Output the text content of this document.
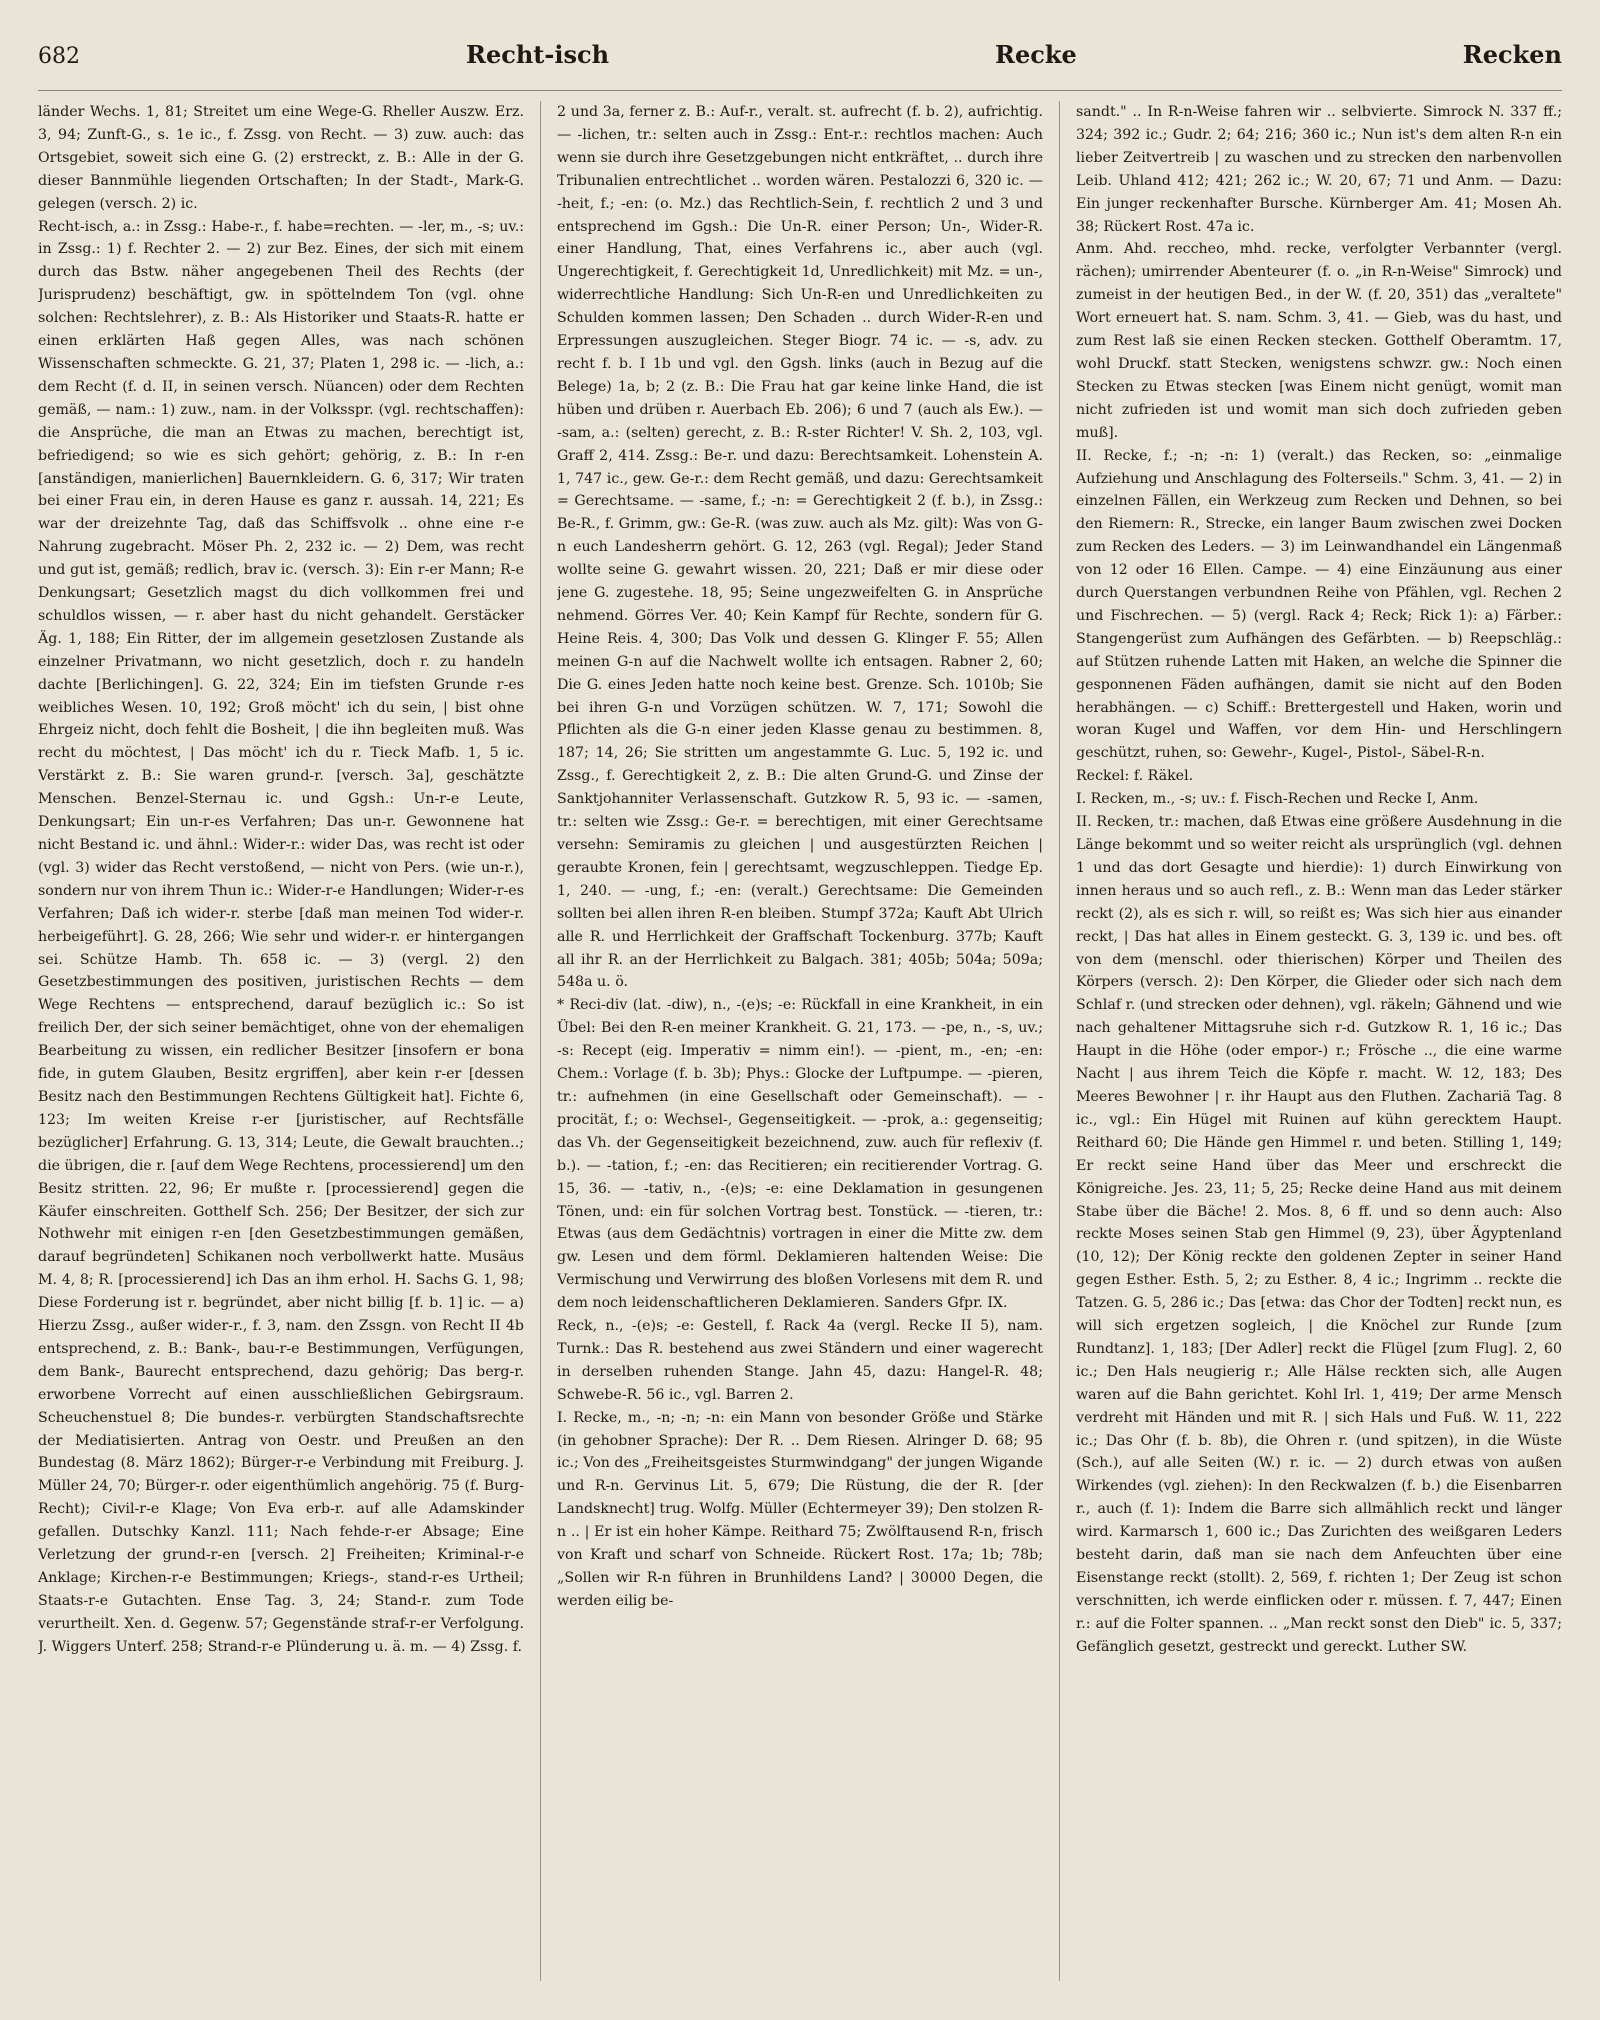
682	Recht-isch	Recke	Recken

länder Wechs. 1, 81; Streitet um eine Wege-G. Rheller Auszw. Erz. 3, 94; Zunft-G., s. 1e ic., f. Zssg. von Recht. — 3) zuw. auch: das Ortsgebiet, soweit sich eine G. (2) erstreckt, z. B.: Alle in der G. dieser Bannmühle liegenden Ortschaften; In der Stadt-, Mark-G. gelegen (versch. 2) ic.

Recht-isch, a.: in Zssg.: Habe-r., f. habe=rechten. — -ler, m., -s; uv.: in Zssg.: 1) f. Rechter 2. — 2) zur Bez. Eines, der sich mit einem durch das Bstw. näher angegebenen Theil des Rechts (der Jurisprudenz) beschäftigt, gw. in spöttelndem Ton (vgl. ohne solchen: Rechtslehrer), z. B.: Als Historiker und Staats-R. hatte er einen erklärten Haß gegen Alles, was nach schönen Wissenschaften schmeckte. G. 21, 37; Platen 1, 298 ic. — -lich, a.: dem Recht (f. d. II, in seinen versch. Nüancen) oder dem Rechten gemäß, — nam.: 1) zuw., nam. in der Volksspr. (vgl. rechtschaffen): die Ansprüche, die man an Etwas zu machen, berechtigt ist, befriedigend; so wie es sich gehört; gehörig, z. B.: In r-en [anständigen, manierlichen] Bauernkleidern. G. 6, 317; Wir traten bei einer Frau ein, in deren Hause es ganz r. aussah. 14, 221; Es war der dreizehnte Tag, daß das Schiffsvolk .. ohne eine r-e Nahrung zugebracht. Möser Ph. 2, 232 ic. — 2) Dem, was recht und gut ist, gemäß; redlich, brav ic. (versch. 3): Ein r-er Mann; R-e Denkungsart; Gesetzlich magst du dich vollkommen frei und schuldlos wissen, — r. aber hast du nicht gehandelt. Gerstäcker Äg. 1, 188; Ein Ritter, der im allgemein gesetzlosen Zustande als einzelner Privatmann, wo nicht gesetzlich, doch r. zu handeln dachte [Berlichingen]. G. 22, 324; Ein im tiefsten Grunde r-es weibliches Wesen. 10, 192; Groß möcht' ich du sein, | bist ohne Ehrgeiz nicht, doch fehlt die Bosheit, | die ihn begleiten muß. Was recht du möchtest, | Das möcht' ich du r. Tieck Mafb. 1, 5 ic. Verstärkt z. B.: Sie waren grund-r. [versch. 3a], geschätzte Menschen. Benzel-Sternau ic. und Ggsh.: Un-r-e Leute, Denkungsart; Ein un-r-es Verfahren; Das un-r. Gewonnene hat nicht Bestand ic. und ähnl.: Wider-r.: wider Das, was recht ist oder (vgl. 3) wider das Recht verstoßend, — nicht von Pers. (wie un-r.), sondern nur von ihrem Thun ic.: Wider-r-e Handlungen; Wider-r-es Verfahren; Daß ich wider-r. sterbe [daß man meinen Tod wider-r. herbeigeführt]. G. 28, 266; Wie sehr und wider-r. er hintergangen sei. Schütze Hamb. Th. 658 ic. — 3) (vergl. 2) den Gesetzbestimmungen des positiven, juristischen Rechts — dem Wege Rechtens — entsprechend, darauf bezüglich ic.: So ist freilich Der, der sich seiner bemächtiget, ohne von der ehemaligen Bearbeitung zu wissen, ein redlicher Besitzer [insofern er bona fide, in gutem Glauben, Besitz ergriffen], aber kein r-er [dessen Besitz nach den Bestimmungen Rechtens Gültigkeit hat]. Fichte 6, 123; Im weiten Kreise r-er [juristischer, auf Rechtsfälle bezüglicher] Erfahrung. G. 13, 314; Leute, die Gewalt brauchten..; die übrigen, die r. [auf dem Wege Rechtens, processierend] um den Besitz stritten. 22, 96; Er mußte r. [processierend] gegen die Käufer einschreiten. Gotthelf Sch. 256; Der Besitzer, der sich zur Nothwehr mit einigen r-en [den Gesetzbestimmungen gemäßen, darauf begründeten] Schikanen noch verbollwerkt hatte. Musäus M. 4, 8; R. [processierend] ich Das an ihm erhol. H. Sachs G. 1, 98; Diese Forderung ist r. begründet, aber nicht billig [f. b. 1] ic. — a) Hierzu Zssg., außer wider-r., f. 3, nam. den Zssgn. von Recht II 4b entsprechend, z. B.: Bank-, bau-r-e Bestimmungen, Verfügungen, dem Bank-, Baurecht entsprechend, dazu gehörig; Das berg-r. erworbene Vorrecht auf einen ausschließlichen Gebirgsraum. Scheuchenstuel 8; Die bundes-r. verbürgten Standschaftsrechte der Mediatisierten. Antrag von Oestr. und Preußen an den Bundestag (8. März 1862); Bürger-r-e Verbindung mit Freiburg. J. Müller 24, 70; Bürger-r. oder eigenthümlich angehörig. 75 (f. Burg-Recht); Civil-r-e Klage; Von Eva erb-r. auf alle Adamskinder gefallen. Dutschky Kanzl. 111; Nach fehde-r-er Absage; Eine Verletzung der grund-r-en [versch. 2] Freiheiten; Kriminal-r-e Anklage; Kirchen-r-e Bestimmungen; Kriegs-, stand-r-es Urtheil; Staats-r-e Gutachten. Ense Tag. 3, 24; Stand-r. zum Tode verurtheilt. Xen. d. Gegenw. 57; Gegenstände straf-r-er Verfolgung. J. Wiggers Unterf. 258; Strand-r-e Plünderung u. ä. m. — 4) Zssg. f.

2 und 3a, ferner z. B.: Auf-r., veralt. st. aufrecht (f. b. 2), aufrichtig. — -lichen, tr.: selten auch in Zssg.: Ent-r.: rechtlos machen: Auch wenn sie durch ihre Gesetzgebungen nicht entkräftet, .. durch ihre Tribunalien entrechtlichet .. worden wären. Pestalozzi 6, 320 ic. — -heit, f.; -en: (o. Mz.) das Rechtlich-Sein, f. rechtlich 2 und 3 und entsprechend im Ggsh.: Die Un-R. einer Person; Un-, Wider-R. einer Handlung, That, eines Verfahrens ic., aber auch (vgl. Ungerechtigkeit, f. Gerechtigkeit 1d, Unredlichkeit) mit Mz. = un-, widerrechtliche Handlung: Sich Un-R-en und Unredlichkeiten zu Schulden kommen lassen; Den Schaden .. durch Wider-R-en und Erpressungen auszugleichen. Steger Biogr. 74 ic. — -s, adv. zu recht f. b. I 1b und vgl. den Ggsh. links (auch in Bezug auf die Belege) 1a, b; 2 (z. B.: Die Frau hat gar keine linke Hand, die ist hüben und drüben r. Auerbach Eb. 206); 6 und 7 (auch als Ew.). — -sam, a.: (selten) gerecht, z. B.: R-ster Richter! V. Sh. 2, 103, vgl. Graff 2, 414. Zssg.: Be-r. und dazu: Berechtsamkeit. Lohenstein A. 1, 747 ic., gew. Ge-r.: dem Recht gemäß, und dazu: Gerechtsamkeit = Gerechtsame. — -same, f.; -n: = Gerechtigkeit 2 (f. b.), in Zssg.: Be-R., f. Grimm, gw.: Ge-R. (was zuw. auch als Mz. gilt): Was von G-n euch Landesherrn gehört. G. 12, 263 (vgl. Regal); Jeder Stand wollte seine G. gewahrt wissen. 20, 221; Daß er mir diese oder jene G. zugestehe. 18, 95; Seine ungezweifelten G. in Ansprüche nehmend. Görres Ver. 40; Kein Kampf für Rechte, sondern für G. Heine Reis. 4, 300; Das Volk und dessen G. Klinger F. 55; Allen meinen G-n auf die Nachwelt wollte ich entsagen. Rabner 2, 60; Die G. eines Jeden hatte noch keine best. Grenze. Sch. 1010b; Sie bei ihren G-n und Vorzügen schützen. W. 7, 171; Sowohl die Pflichten als die G-n einer jeden Klasse genau zu bestimmen. 8, 187; 14, 26; Sie stritten um angestammte G. Luc. 5, 192 ic. und Zssg., f. Gerechtigkeit 2, z. B.: Die alten Grund-G. und Zinse der Sanktjohanniter Verlassenschaft. Gutzkow R. 5, 93 ic. — -samen, tr.: selten wie Zssg.: Ge-r. = berechtigen, mit einer Gerechtsame versehn: Semiramis zu gleichen | und ausgestürzten Reichen | geraubte Kronen, fein | gerechtsamt, wegzuschleppen. Tiedge Ep. 1, 240. — -ung, f.; -en: (veralt.) Gerechtsame: Die Gemeinden sollten bei allen ihren R-en bleiben. Stumpf 372a; Kauft Abt Ulrich alle R. und Herrlichkeit der Graffschaft Tockenburg. 377b; Kauft all ihr R. an der Herrlichkeit zu Balgach. 381; 405b; 504a; 509a; 548a u. ö.

* Reci-div (lat. -diw), n., -(e)s; -e: Rückfall in eine Krankheit, in ein Übel: Bei den R-en meiner Krankheit. G. 21, 173. — -pe, n., -s, uv.; -s: Recept (eig. Imperativ = nimm ein!). — -pient, m., -en; -en: Chem.: Vorlage (f. b. 3b); Phys.: Glocke der Luftpumpe. — -pieren, tr.: aufnehmen (in eine Gesellschaft oder Gemeinschaft). — -procität, f.; o: Wechsel-, Gegenseitigkeit. — -prok, a.: gegenseitig; das Vh. der Gegenseitigkeit bezeichnend, zuw. auch für reflexiv (f. b.). — -tation, f.; -en: das Recitieren; ein recitierender Vortrag. G. 15, 36. — -tativ, n., -(e)s; -e: eine Deklamation in gesungenen Tönen, und: ein für solchen Vortrag best. Tonstück. — -tieren, tr.: Etwas (aus dem Gedächtnis) vortragen in einer die Mitte zw. dem gw. Lesen und dem förml. Deklamieren haltenden Weise: Die Vermischung und Verwirrung des bloßen Vorlesens mit dem R. und dem noch leidenschaftlicheren Deklamieren. Sanders Gfpr. IX.

Reck, n., -(e)s; -e: Gestell, f. Rack 4a (vergl. Recke II 5), nam. Turnk.: Das R. bestehend aus zwei Ständern und einer wagerecht in derselben ruhenden Stange. Jahn 45, dazu: Hangel-R. 48; Schwebe-R. 56 ic., vgl. Barren 2.

I. Recke, m., -n; -n; -n: ein Mann von besonder Größe und Stärke (in gehobner Sprache): Der R. .. Dem Riesen. Alringer D. 68; 95 ic.; Von des „Freiheitsgeistes Sturmwindgang" der jungen Wigande und R-n. Gervinus Lit. 5, 679; Die Rüstung, die der R. [der Landsknecht] trug. Wolfg. Müller (Echtermeyer 39); Den stolzen R-n .. | Er ist ein hoher Kämpe. Reithard 75; Zwölftausend R-n, frisch von Kraft und scharf von Schneide. Rückert Rost. 17a; 1b; 78b; „Sollen wir R-n führen in Brunhildens Land? | 30000 Degen, die werden eilig be-

sandt." .. In R-n-Weise fahren wir .. selbvierte. Simrock N. 337 ff.; 324; 392 ic.; Gudr. 2; 64; 216; 360 ic.; Nun ist's dem alten R-n ein lieber Zeitvertreib | zu waschen und zu strecken den narbenvollen Leib. Uhland 412; 421; 262 ic.; W. 20, 67; 71 und Anm. — Dazu: Ein junger reckenhafter Bursche. Kürnberger Am. 41; Mosen Ah. 38; Rückert Rost. 47a ic.

Anm. Ahd. reccheo, mhd. recke, verfolgter Verbannter (vergl. rächen); umirrender Abenteurer (f. o. „in R-n-Weise" Simrock) und zumeist in der heutigen Bed., in der W. (f. 20, 351) das „veraltete" Wort erneuert hat. S. nam. Schm. 3, 41. — Gieb, was du hast, und zum Rest laß sie einen Recken stecken. Gotthelf Oberamtm. 17, wohl Druckf. statt Stecken, wenigstens schwzr. gw.: Noch einen Stecken zu Etwas stecken [was Einem nicht genügt, womit man nicht zufrieden ist und womit man sich doch zufrieden geben muß].

II. Recke, f.; -n; -n: 1) (veralt.) das Recken, so: „einmalige Aufziehung und Anschlagung des Folterseils." Schm. 3, 41. — 2) in einzelnen Fällen, ein Werkzeug zum Recken und Dehnen, so bei den Riemern: R., Strecke, ein langer Baum zwischen zwei Docken zum Recken des Leders. — 3) im Leinwandhandel ein Längenmaß von 12 oder 16 Ellen. Campe. — 4) eine Einzäunung aus einer durch Querstangen verbundnen Reihe von Pfählen, vgl. Rechen 2 und Fischrechen. — 5) (vergl. Rack 4; Reck; Rick 1): a) Färber.: Stangengerüst zum Aufhängen des Gefärbten. — b) Reepschläg.: auf Stützen ruhende Latten mit Haken, an welche die Spinner die gesponnenen Fäden aufhängen, damit sie nicht auf den Boden herabhängen. — c) Schiff.: Brettergestell und Haken, worin und woran Kugel und Waffen, vor dem Hin- und Herschlingern geschützt, ruhen, so: Gewehr-, Kugel-, Pistol-, Säbel-R-n.

Reckel: f. Räkel.

I. Recken, m., -s; uv.: f. Fisch-Rechen und Recke I, Anm.

II. Recken, tr.: machen, daß Etwas eine größere Ausdehnung in die Länge bekommt und so weiter reicht als ursprünglich (vgl. dehnen 1 und das dort Gesagte und hierdie): 1) durch Einwirkung von innen heraus und so auch refl., z. B.: Wenn man das Leder stärker reckt (2), als es sich r. will, so reißt es; Was sich hier aus einander reckt, | Das hat alles in Einem gesteckt. G. 3, 139 ic. und bes. oft von dem (menschl. oder thierischen) Körper und Theilen des Körpers (versch. 2): Den Körper, die Glieder oder sich nach dem Schlaf r. (und strecken oder dehnen), vgl. räkeln; Gähnend und wie nach gehaltener Mittagsruhe sich r-d. Gutzkow R. 1, 16 ic.; Das Haupt in die Höhe (oder empor-) r.; Frösche .., die eine warme Nacht | aus ihrem Teich die Köpfe r. macht. W. 12, 183; Des Meeres Bewohner | r. ihr Haupt aus den Fluthen. Zachariä Tag. 8 ic., vgl.: Ein Hügel mit Ruinen auf kühn gerecktem Haupt. Reithard 60; Die Hände gen Himmel r. und beten. Stilling 1, 149; Er reckt seine Hand über das Meer und erschreckt die Königreiche. Jes. 23, 11; 5, 25; Recke deine Hand aus mit deinem Stabe über die Bäche! 2. Mos. 8, 6 ff. und so denn auch: Also reckte Moses seinen Stab gen Himmel (9, 23), über Ägyptenland (10, 12); Der König reckte den goldenen Zepter in seiner Hand gegen Esther. Esth. 5, 2; zu Esther. 8, 4 ic.; Ingrimm .. reckte die Tatzen. G. 5, 286 ic.; Das [etwa: das Chor der Todten] reckt nun, es will sich ergetzen sogleich, | die Knöchel zur Runde [zum Rundtanz]. 1, 183; [Der Adler] reckt die Flügel [zum Flug]. 2, 60 ic.; Den Hals neugierig r.; Alle Hälse reckten sich, alle Augen waren auf die Bahn gerichtet. Kohl Irl. 1, 419; Der arme Mensch verdreht mit Händen und mit R. | sich Hals und Fuß. W. 11, 222 ic.; Das Ohr (f. b. 8b), die Ohren r. (und spitzen), in die Wüste (Sch.), auf alle Seiten (W.) r. ic. — 2) durch etwas von außen Wirkendes (vgl. ziehen): In den Reckwalzen (f. b.) die Eisenbarren r., auch (f. 1): Indem die Barre sich allmählich reckt und länger wird. Karmarsch 1, 600 ic.; Das Zurichten des weißgaren Leders besteht darin, daß man sie nach dem Anfeuchten über eine Eisenstange reckt (stollt). 2, 569, f. richten 1; Der Zeug ist schon verschnitten, ich werde einflicken oder r. müssen. f. 7, 447; Einen r.: auf die Folter spannen. .. „Man reckt sonst den Dieb" ic. 5, 337; Gefänglich gesetzt, gestreckt und gereckt. Luther SW.
